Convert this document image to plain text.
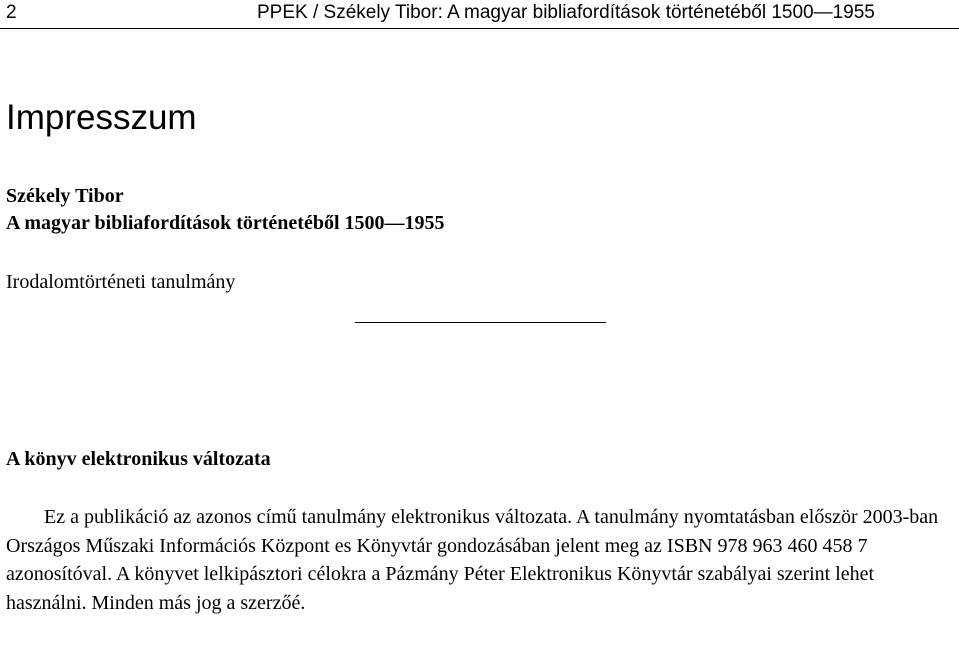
2	PPEK / Székely Tibor: A magyar bibliafordítások történetéből 1500—1955
Impresszum
Székely Tibor
A magyar bibliafordítások történetéből 1500—1955
Irodalomtörténeti tanulmány
A könyv elektronikus változata

Ez a publikáció az azonos című tanulmány elektronikus változata. A tanulmány nyomtatásban először 2003-ban Országos Műszaki Információs Központ es Könyvtár gondozásában jelent meg az ISBN 978 963 460 458 7 azonosítóval. A könyvet lelkipásztori célokra a Pázmány Péter Elektronikus Könyvtár szabályai szerint lehet használni. Minden más jog a szerzőé.
